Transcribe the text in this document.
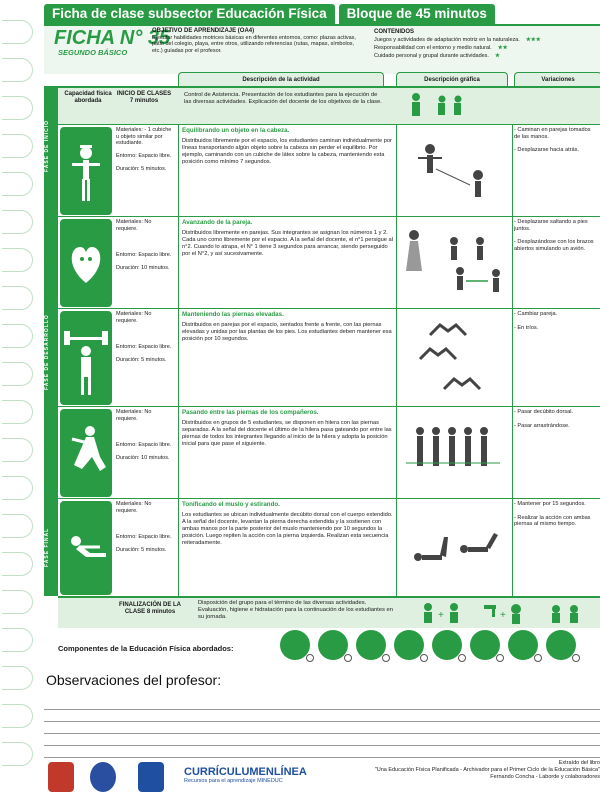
Ficha de clase subsector Educación Física	Bloque de 45 minutos
FICHA N° 35
SEGUNDO BÁSICO
OBJETIVO DE APRENDIZAJE (OA4)
Ejecutar habilidades motrices básicas en diferentes entornos, como: plazas activas, patio del colegio, playa, entre otros, utilizando referencias (rutas, mapas, símbolos, etc.) guiadas por el profesor.
CONTENIDOS

Juegos y actividades de adaptación motriz en la naturaleza. ★★★
Responsabilidad con el entorno y medio natural. ★★
Cuidado personal y grupal durante actividades. ★
Descripción de la actividad	Descripción gráfica	Variaciones
Capacidad física abordada
INICIO DE CLASES 7 minutos
Control de Asistencia. Presentación de los estudiantes para la ejecución de las diversas actividades. Explicación del docente de los objetivos de la clase.
FASE DE INICIO
FASE DE DESARROLLO
FASE FINAL
Materiales: - 1 cubiche u objeto similar por estudiante.

Entorno: Espacio libre.

Duración: 5 minutos.
Equilibrando un objeto en la cabeza.
Distribuidos libremente por el espacio, los estudiantes caminan individualmente por líneas transportando algún objeto sobre la cabeza sin perder el equilibrio. Por ejemplo, caminando con un cubiche de látex sobre la cabeza, manteniendo esta posición como mínimo 7 segundos.
- Caminan en parejas tomados de las manos.

- Desplazarse hacia atrás.
Materiales: No requiere.

Entorno: Espacio libre.

Duración: 10 minutos.
Avanzando de la pareja.
Distribuidos libremente en parejas. Sus integrantes se asignan los números 1 y 2. Cada uno como libremente por el espacio. A la señal del docente, el n°1 persigue al n°2. Cuando lo atrapa, el N° 1 tiene 3 segundos para arrancar, siendo perseguido por el N°2, y así sucesivamente.
- Desplazarse saltando a pies juntos.

- Desplazándose con los brazos abiertos simulando un avión.
Materiales: No requiere.

Entorno: Espacio libre.

Duración: 5 minutos.
Manteniendo las piernas elevadas.
Distribuidos en parejas por el espacio, sentados frente a frente, con las piernas elevadas y unidas por las plantas de los pies. Los estudiantes deben mantener esa posición por 10 segundos.
- Cambiar pareja.

- En tríos.
Materiales: No requiere.

Entorno: Espacio libre.

Duración: 10 minutos.
Pasando entre las piernas de los compañeros.
Distribuidos en grupos de 5 estudiantes, se disponen en hilera con las piernas separadas. A la señal del docente el último de la hilera pasa gateando por entre las piernas de todos los integrantes llegando al inicio de la hilera y adopta la posición inicial para que pase el siguiente.
- Pasar decúbito dorsal.

- Pasar arrastrándose.
Materiales: No requiere.

Entorno: Espacio libre.

Duración: 5 minutos.
Tonificando el muslo y estirando.
Los estudiantes se ubican individualmente decúbito dorsal con el cuerpo extendido. A la señal del docente, levantan la pierna derecha extendida y la sostienen con ambas manos por la parte posterior del muslo manteniendo por 10 segundos la posición. Luego repiten la acción con la pierna izquierda. Realizan esta secuencia reiteradamente.
- Mantener por 15 segundos.

- Realizar la acción con ambas piernas al mismo tiempo.
FINALIZACIÓN DE LA CLASE 8 minutos
Disposición del grupo para el término de las diversas actividades. Evaluación, higiene e hidratación para la continuación de los estudiantes en su jornada.	+	+
Componentes de la Educación Física abordados:
Observaciones del profesor:
CURRÍCULUMENLÍNEA
Recursos para el aprendizaje MINEDUC
Extraído del libro
"Una Educación Física Planificada - Archivador para el Primer Ciclo de la Educación Básica"
Fernando Concha - Laborde y colaboradores
